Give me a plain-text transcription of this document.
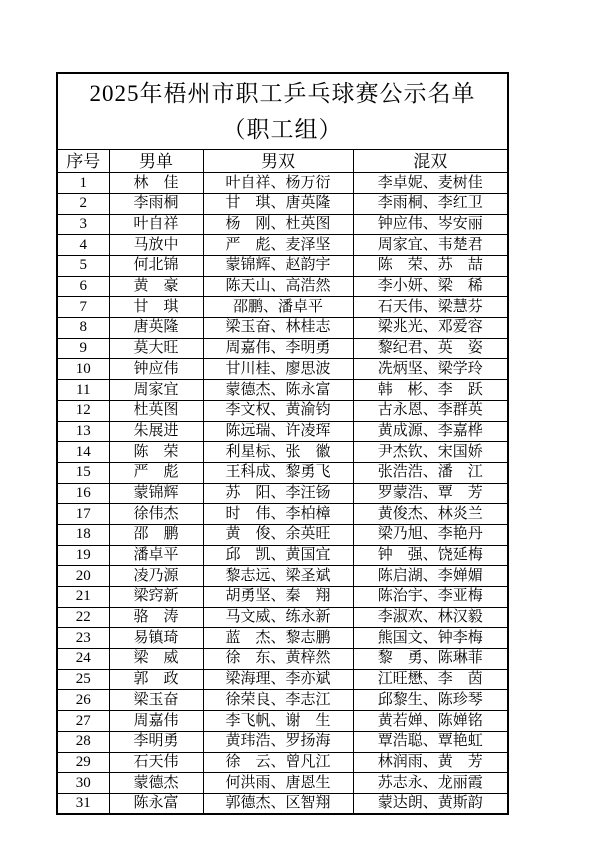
2025年梧州市职工乒乓球赛公示名单
（职工组）			

序号	男单	男双	混双
1	林　佳	叶自祥、杨万衍	李卓妮、麦树佳
2	李雨桐	甘　琪、唐英隆	李雨桐、李红卫
3	叶自祥	杨　刚、杜英图	钟应伟、岑安丽
4	马放中	严　彪、麦泽坚	周家宜、韦楚君
5	何北锦	蒙锦辉、赵韵宇	陈　荣、苏　喆
6	黄　豪	陈天山、高浩然	李小妍、梁　稀
7	甘　琪	邵鹏、潘卓平	石天伟、梁慧芬
8	唐英隆	梁玉奋、林桂志	梁兆光、邓爱容
9	莫大旺	周嘉伟、李明勇	黎纪君、英　姿
10	钟应伟	甘川桂、廖思波	冼炳坚、梁学玲
11	周家宜	蒙德杰、陈永富	韩　彬、李　跃
12	杜英图	李文权、黄渝钧	古永恩、李群英
13	朱展进	陈远瑞、许凌珲	黄成源、李嘉桦
14	陈　荣	利星标、张　徽	尹杰钦、宋国娇
15	严　彪	王科成、黎勇飞	张浩浩、潘　江
16	蒙锦辉	苏　阳、李汪钖	罗蒙浩、覃　芳
17	徐伟杰	时　伟、李柏樟	黄俊杰、林炎兰
18	邵　鹏	黄　俊、余英旺	梁乃旭、李艳丹
19	潘卓平	邱　凯、黄国宜	钟　强、饶延梅
20	凌乃源	黎志远、梁圣斌	陈启湖、李婵媚
21	梁窍新	胡勇坚、秦　翔	陈治宇、李亚梅
22	骆　涛	马文威、练永新	李淑欢、林汉毅
23	易镇琦	蓝　杰、黎志鹏	熊国文、钟李梅
24	梁　威	徐　东、黄梓然	黎　勇、陈琳菲
25	郭　政	梁海理、李亦斌	江旺懋、李　茵
26	梁玉奋	徐荣良、李志江	邱黎生、陈珍琴
27	周嘉伟	李飞帆、谢　生	黄若婵、陈婵铭
28	李明勇	黄玮浩、罗扬海	覃浩聪、覃艳虹
29	石天伟	徐　云、曾凡江	林润雨、黄　芳
30	蒙德杰	何洪雨、唐恩生	苏志永、龙丽霞
31	陈永富	郭德杰、区智翔	蒙达朗、黄斯韵
